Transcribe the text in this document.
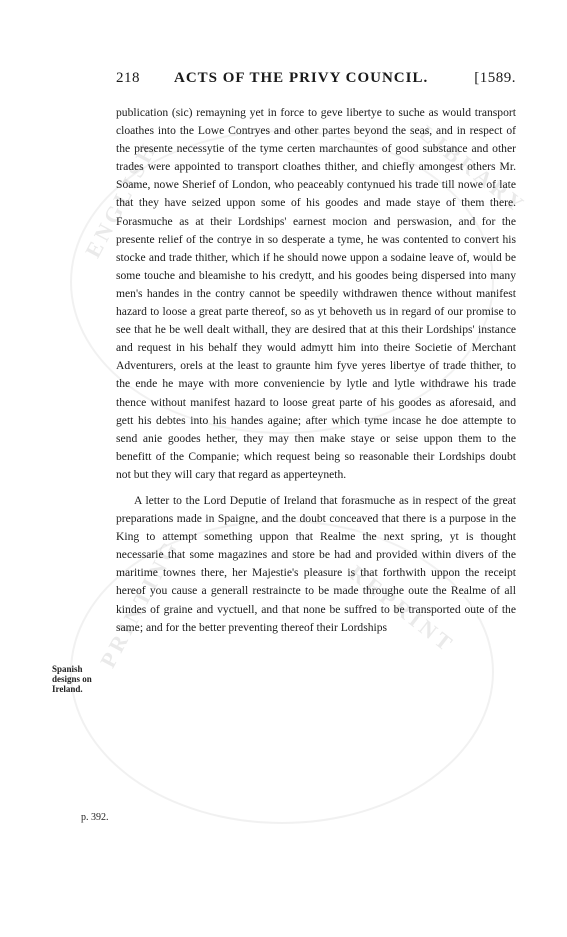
ENGLISH	LIBRARY
PRINTING	REPRINT
218 ACTS OF THE PRIVY COUNCIL.	[1589.
Spanish designs on Ireland.
p. 392.

publication (sic) remayning yet in force to geve libertye to suche as would transport cloathes into the Lowe Contryes and other partes beyond the seas, and in respect of the presente necessytie of the tyme certen marchauntes of good substance and other trades were appointed to transport cloathes thither, and chiefly amongest others Mr. Soame, nowe Sherief of London, who peaceably contynued his trade till nowe of late that they have seized uppon some of his goodes and made staye of them there. Forasmuche as at their Lordships' earnest mocion and perswasion, and for the presente relief of the contrye in so desperate a tyme, he was contented to convert his stocke and trade thither, which if he should nowe uppon a sodaine leave of, would be some touche and bleamishe to his credytt, and his goodes being dispersed into many men's handes in the contry cannot be speedily withdrawen thence without manifest hazard to loose a great parte thereof, so as yt behoveth us in regard of our promise to see that he be well dealt withall, they are desired that at this their Lordships' instance and request in his behalf they would admytt him into theire Societie of Merchant Adventurers, orels at the least to graunte him fyve yeres libertye of trade thither, to the ende he maye with more conveniencie by lytle and lytle withdrawe his trade thence without manifest hazard to loose great parte of his goodes as aforesaid, and gett his debtes into his handes againe; after which tyme incase he doe attempte to send anie goodes hether, they may then make staye or seise uppon them to the benefitt of the Companie; which request being so reasonable their Lordships doubt not but they will cary that regard as apperteyneth.

A letter to the Lord Deputie of Ireland that forasmuche as in respect of the great preparations made in Spaigne, and the doubt conceaved that there is a purpose in the King to attempt something uppon that Realme the next spring, yt is thought necessarie that some magazines and store be had and provided within divers of the maritime townes there, her Majestie's pleasure is that forthwith uppon the receipt hereof you cause a generall restraincte to be made throughe oute the Realme of all kindes of graine and vyctuell, and that none be suffred to be transported oute of the same; and for the better preventing thereof their Lordships
